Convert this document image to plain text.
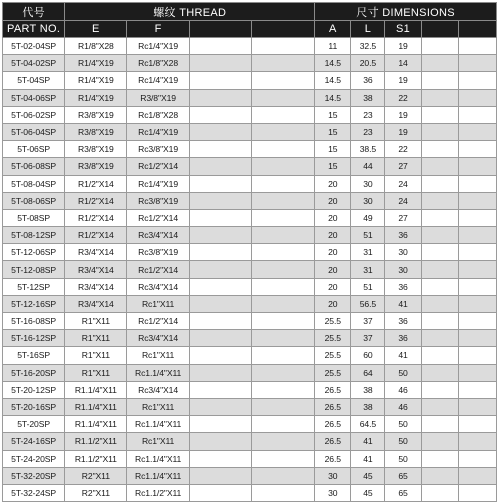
代号	螺纹 THREAD				尺寸 DIMENSIONS				
PART NO.	E	F			A	L	S1		
5T-02-04SP	R1/8"X28	Rc1/4"X19			11	32.5	19		
5T-04-02SP	R1/4"X19	Rc1/8"X28			14.5	20.5	14		
5T-04SP	R1/4"X19	Rc1/4"X19			14.5	36	19		
5T-04-06SP	R1/4"X19	R3/8"X19			14.5	38	22		
5T-06-02SP	R3/8"X19	Rc1/8"X28			15	23	19		
5T-06-04SP	R3/8"X19	Rc1/4"X19			15	23	19		
5T-06SP	R3/8"X19	Rc3/8"X19			15	38.5	22		
5T-06-08SP	R3/8"X19	Rc1/2"X14			15	44	27		
5T-08-04SP	R1/2"X14	Rc1/4"X19			20	30	24		
5T-08-06SP	R1/2"X14	Rc3/8"X19			20	30	24		
5T-08SP	R1/2"X14	Rc1/2"X14			20	49	27		
5T-08-12SP	R1/2"X14	Rc3/4"X14			20	51	36		
5T-12-06SP	R3/4"X14	Rc3/8"X19			20	31	30		
5T-12-08SP	R3/4"X14	Rc1/2"X14			20	31	30		
5T-12SP	R3/4"X14	Rc3/4"X14			20	51	36		
5T-12-16SP	R3/4"X14	Rc1"X11			20	56.5	41		
5T-16-08SP	R1"X11	Rc1/2"X14			25.5	37	36		
5T-16-12SP	R1"X11	Rc3/4"X14			25.5	37	36		
5T-16SP	R1"X11	Rc1"X11			25.5	60	41		
5T-16-20SP	R1"X11	Rc1.1/4"X11			25.5	64	50		
5T-20-12SP	R1.1/4"X11	Rc3/4"X14			26.5	38	46		
5T-20-16SP	R1.1/4"X11	Rc1"X11			26.5	38	46		
5T-20SP	R1.1/4"X11	Rc1.1/4"X11			26.5	64.5	50		
5T-24-16SP	R1.1/2"X11	Rc1"X11			26.5	41	50		
5T-24-20SP	R1.1/2"X11	Rc1.1/4"X11			26.5	41	50		
5T-32-20SP	R2"X11	Rc1.1/4"X11			30	45	65		
5T-32-24SP	R2"X11	Rc1.1/2"X11			30	45	65		
